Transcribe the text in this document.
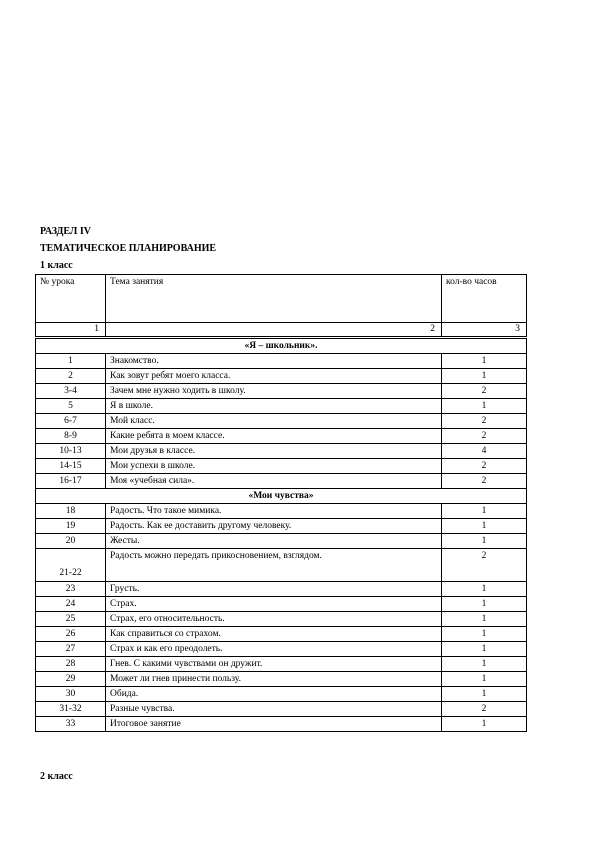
РАЗДЕЛ IV
ТЕМАТИЧЕСКОЕ ПЛАНИРОВАНИЕ
1 класс
№ урока	Тема занятия	кол-во часов
1	2	3
«Я – школьник».		
1	Знакомство.	1
2	Как зовут ребят моего класса.	1
3-4	Зачем мне нужно ходить в школу.	2
5	Я в школе.	1
6-7	Мой класс.	2
8-9	Какие ребята в моем классе.	2
10-13	Мои друзья в классе.	4
14-15	Мои успехи в школе.	2
16-17	Моя «учебная сила».	2
«Мои чувства»		
18	Радость. Что такое мимика.	1
19	Радость. Как ее доставить другому человеку.	1
20	Жесты.	1
21-22	Радость можно передать прикосновением, взглядом.	2
23	Грусть.	1
24	Страх.	1
25	Страх, его относительность.	1
26	Как справиться со страхом.	1
27	Страх и как его преодолеть.	1
28	Гнев. С какими чувствами он дружит.	1
29	Может ли гнев принести пользу.	1
30	Обида.	1
31-32	Разные чувства.	2
33	Итоговое занятие	1
2 класс
